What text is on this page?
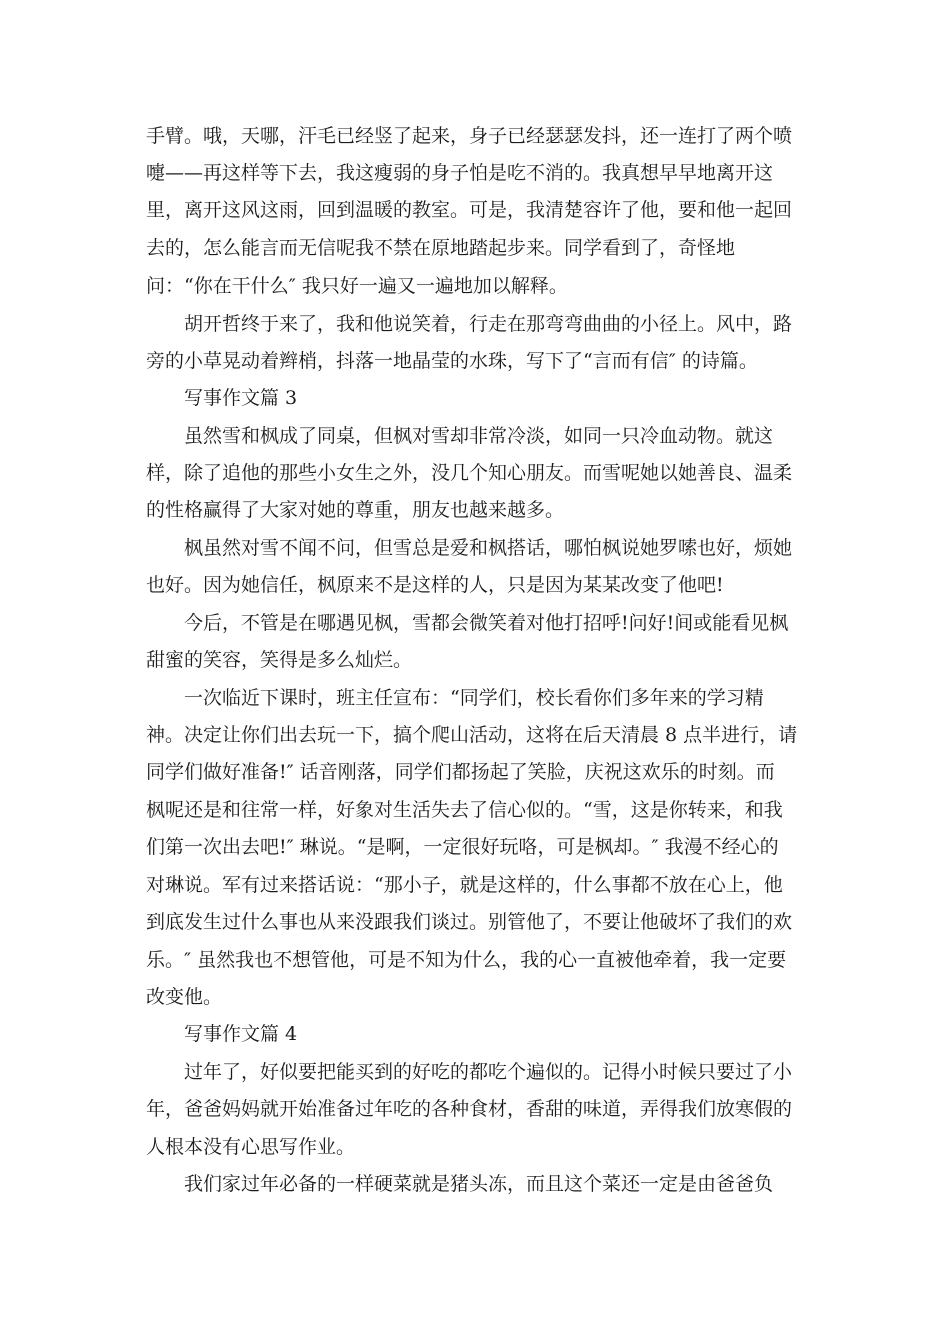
手臂。哦，天哪，汗毛已经竖了起来，身子已经瑟瑟发抖，还一连打了两个喷

嚏——再这样等下去，我这瘦弱的身子怕是吃不消的。我真想早早地离开这

里，离开这风这雨，回到温暖的教室。可是，我清楚容许了他，要和他一起回

去的，怎么能言而无信呢我不禁在原地踏起步来。同学看到了，奇怪地

问：“你在干什么″ 我只好一遍又一遍地加以解释。

胡开哲终于来了，我和他说笑着，行走在那弯弯曲曲的小径上。风中，路

旁的小草晃动着辫梢，抖落一地晶莹的水珠，写下了“言而有信″ 的诗篇。

写事作文篇 3

虽然雪和枫成了同桌，但枫对雪却非常冷淡，如同一只冷血动物。就这

样，除了追他的那些小女生之外，没几个知心朋友。而雪呢她以她善良、温柔

的性格赢得了大家对她的尊重，朋友也越来越多。

枫虽然对雪不闻不问，但雪总是爱和枫搭话，哪怕枫说她罗嗦也好，烦她

也好。因为她信任，枫原来不是这样的人，只是因为某某改变了他吧!

今后，不管是在哪遇见枫，雪都会微笑着对他打招呼!问好!间或能看见枫

甜蜜的笑容，笑得是多么灿烂。

一次临近下课时，班主任宣布：“同学们，校长看你们多年来的学习精

神。决定让你们出去玩一下，搞个爬山活动，这将在后天清晨 8 点半进行，请

同学们做好准备!″ 话音刚落，同学们都扬起了笑脸，庆祝这欢乐的时刻。而

枫呢还是和往常一样，好象对生活失去了信心似的。“雪，这是你转来，和我

们第一次出去吧!″ 琳说。“是啊，一定很好玩咯，可是枫却。″ 我漫不经心的

对琳说。军有过来搭话说：“那小子，就是这样的，什么事都不放在心上，他

到底发生过什么事也从来没跟我们谈过。别管他了，不要让他破坏了我们的欢

乐。″ 虽然我也不想管他，可是不知为什么，我的心一直被他牵着，我一定要

改变他。

写事作文篇 4

过年了，好似要把能买到的好吃的都吃个遍似的。记得小时候只要过了小

年，爸爸妈妈就开始准备过年吃的各种食材，香甜的味道，弄得我们放寒假的

人根本没有心思写作业。

我们家过年必备的一样硬菜就是猪头冻，而且这个菜还一定是由爸爸负
